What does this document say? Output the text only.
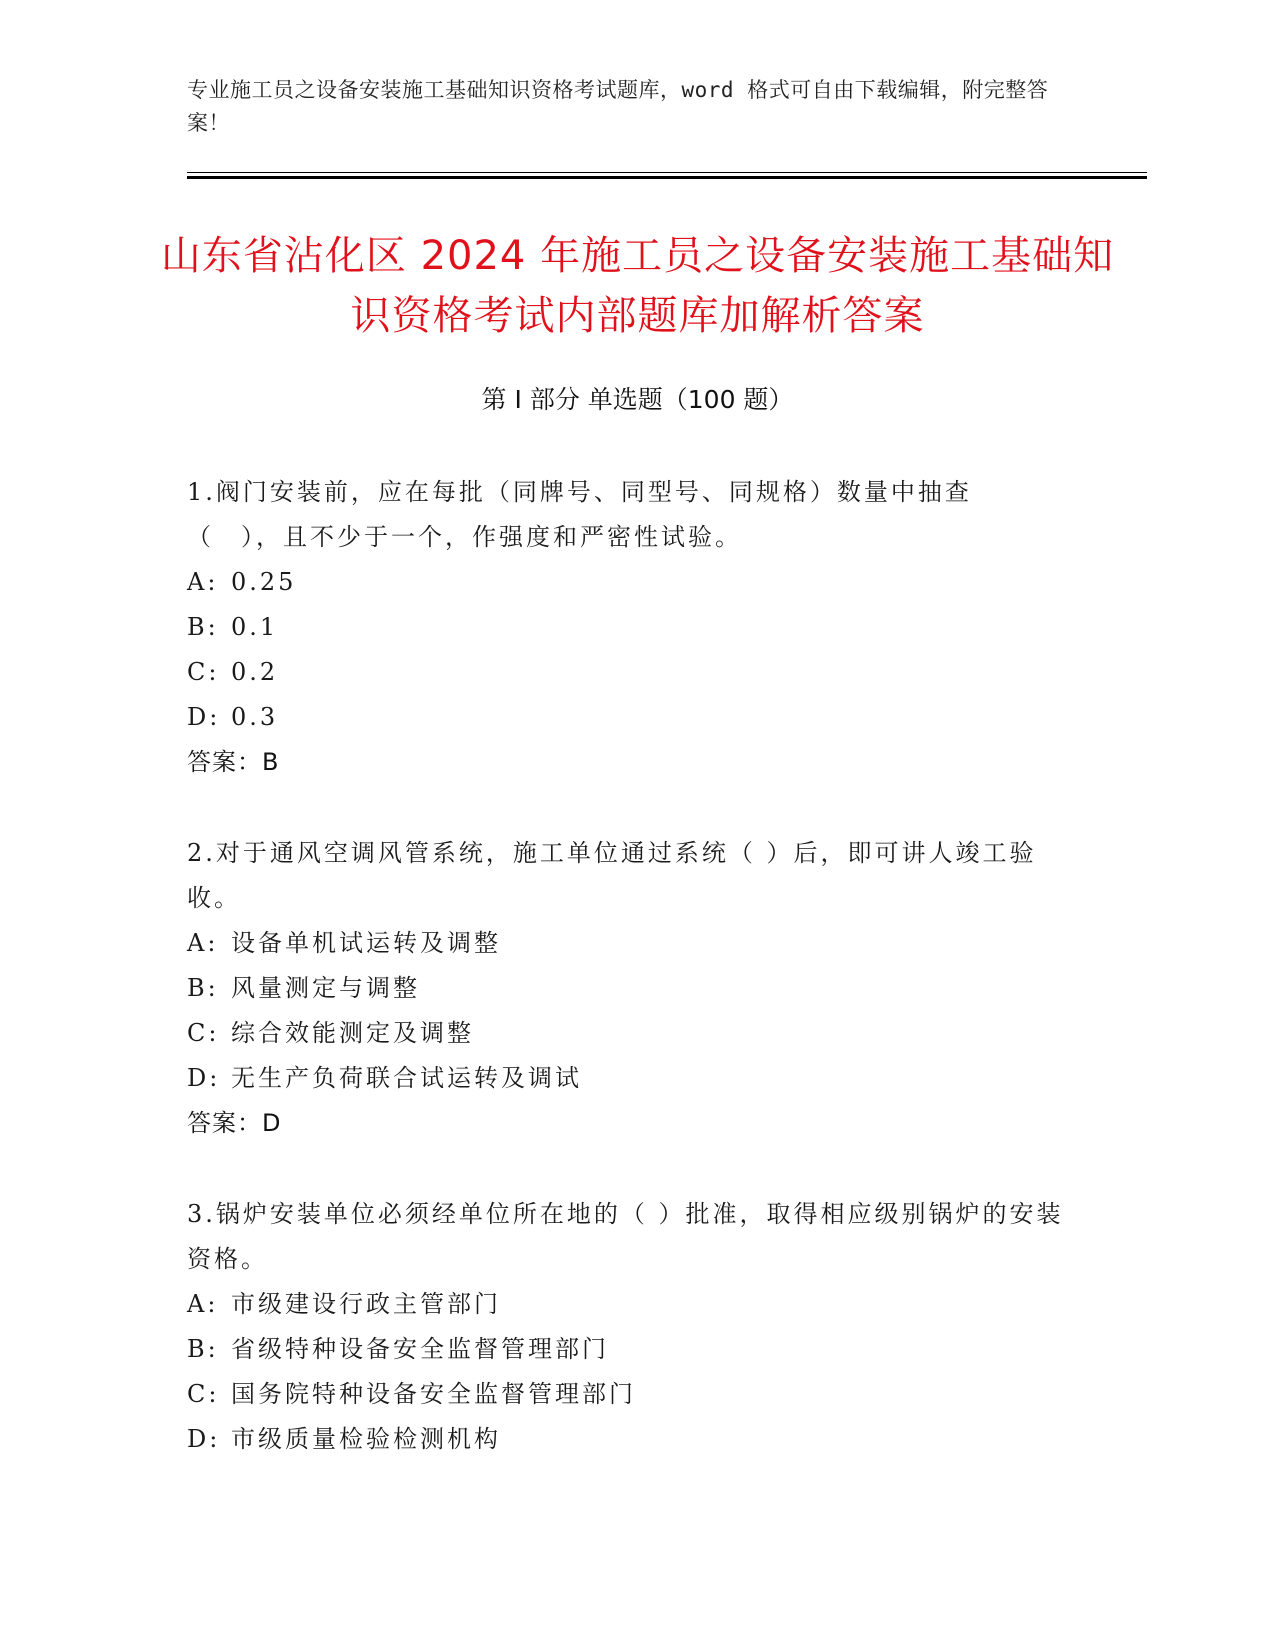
专业施工员之设备安装施工基础知识资格考试题库，word 格式可自由下载编辑，附完整答案！
山东省沾化区 2024 年施工员之设备安装施工基础知识资格考试内部题库加解析答案
第 I 部分 单选题（100 题）
1.阀门安装前，应在每批（同牌号、同型号、同规格）数量中抽查（　），且不少于一个，作强度和严密性试验。
A: 0.25
B: 0.1
C: 0.2
D: 0.3
答案：B
2.对于通风空调风管系统，施工单位通过系统（ ）后，即可讲人竣工验收。
A: 设备单机试运转及调整
B: 风量测定与调整
C: 综合效能测定及调整
D: 无生产负荷联合试运转及调试
答案：D
3.锅炉安装单位必须经单位所在地的（ ）批准，取得相应级别锅炉的安装资格。
A: 市级建设行政主管部门
B: 省级特种设备安全监督管理部门
C: 国务院特种设备安全监督管理部门
D: 市级质量检验检测机构
